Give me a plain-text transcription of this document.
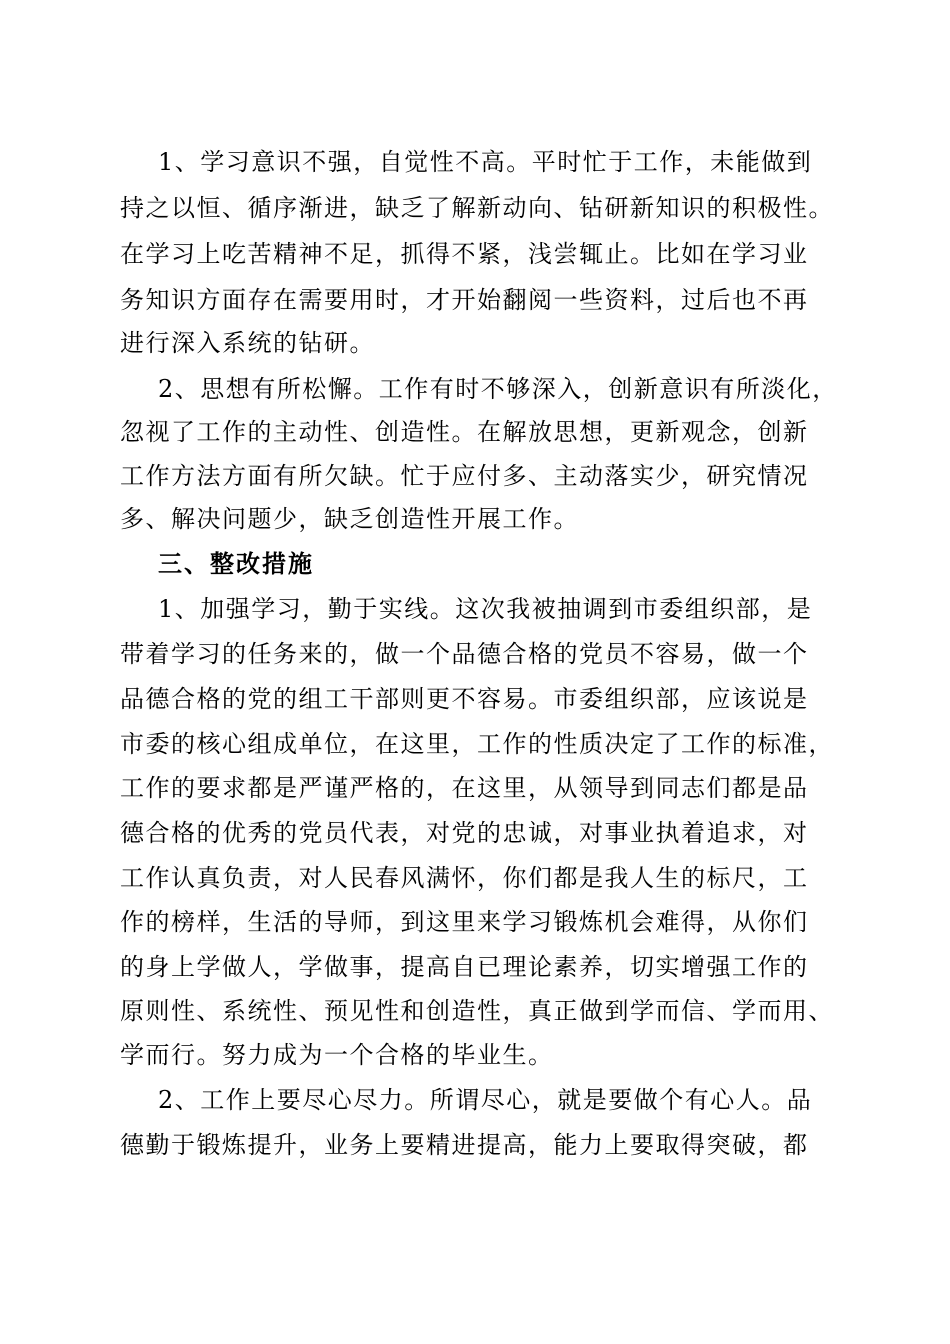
1、学习意识不强，自觉性不高。平时忙于工作，未能做到
持之以恒、循序渐进，缺乏了解新动向、钻研新知识的积极性。
在学习上吃苦精神不足，抓得不紧，浅尝辄止。比如在学习业
务知识方面存在需要用时，才开始翻阅一些资料，过后也不再
进行深入系统的钻研。
2、思想有所松懈。工作有时不够深入，创新意识有所淡化，
忽视了工作的主动性、创造性。在解放思想，更新观念，创新
工作方法方面有所欠缺。忙于应付多、主动落实少，研究情况
多、解决问题少，缺乏创造性开展工作。
三、整改措施
1、加强学习，勤于实线。这次我被抽调到市委组织部，是
带着学习的任务来的，做一个品德合格的党员不容易，做一个
品德合格的党的组工干部则更不容易。市委组织部，应该说是
市委的核心组成单位，在这里，工作的性质决定了工作的标准，
工作的要求都是严谨严格的，在这里，从领导到同志们都是品
德合格的优秀的党员代表，对党的忠诚，对事业执着追求，对
工作认真负责，对人民春风满怀，你们都是我人生的标尺，工
作的榜样，生活的导师，到这里来学习锻炼机会难得，从你们
的身上学做人，学做事，提高自已理论素养，切实增强工作的
原则性、系统性、预见性和创造性，真正做到学而信、学而用、
学而行。努力成为一个合格的毕业生。
2、工作上要尽心尽力。所谓尽心，就是要做个有心人。品
德勤于锻炼提升，业务上要精进提高，能力上要取得突破，都
